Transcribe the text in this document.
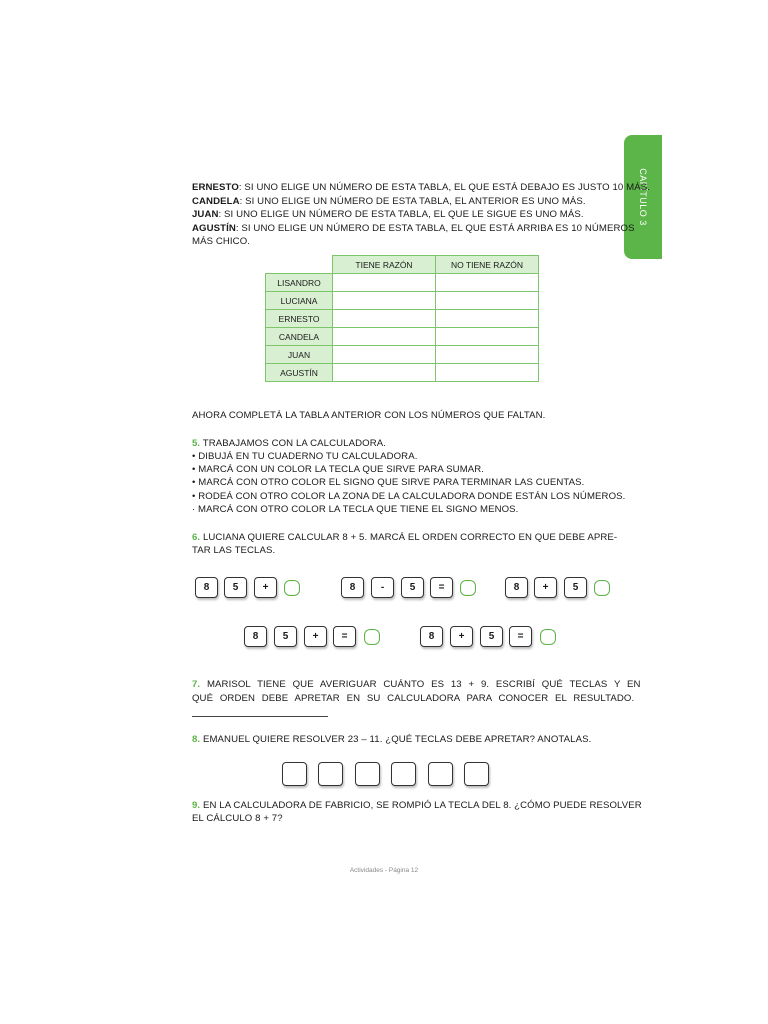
CAPÍTULO 3
ERNESTO: SI UNO ELIGE UN NÚMERO DE ESTA TABLA, EL QUE ESTÁ DEBAJO ES JUSTO 10 MÁS.
CANDELA: SI UNO ELIGE UN NÚMERO DE ESTA TABLA, EL ANTERIOR ES UNO MÁS.
JUAN: SI UNO ELIGE UN NÚMERO DE ESTA TABLA, EL QUE LE SIGUE ES UNO MÁS.
AGUSTÍN: SI UNO ELIGE UN NÚMERO DE ESTA TABLA, EL QUE ESTÁ ARRIBA ES 10 NÚMEROS
MÁS CHICO.
	TIENE RAZÓN	NO TIENE RAZÓN
LISANDRO		
LUCIANA		
ERNESTO		
CANDELA		
JUAN		
AGUSTÍN		
AHORA COMPLETÁ LA TABLA ANTERIOR CON LOS NÚMEROS QUE FALTAN.
5. TRABAJAMOS CON LA CALCULADORA.
• DIBUJÁ EN TU CUADERNO TU CALCULADORA.
• MARCÁ CON UN COLOR LA TECLA QUE SIRVE PARA SUMAR.
• MARCÁ CON OTRO COLOR EL SIGNO QUE SIRVE PARA TERMINAR LAS CUENTAS.
• RODEÁ CON OTRO COLOR LA ZONA DE LA CALCULADORA DONDE ESTÁN LOS NÚMEROS.
· MARCÁ CON OTRO COLOR LA TECLA QUE TIENE EL SIGNO MENOS.
6. LUCIANA QUIERE CALCULAR 8 + 5. MARCÁ EL ORDEN CORRECTO EN QUE DEBE APRE-
TAR LAS TECLAS.
8	5	+	8	-	5	=	8	+	5
8	5	+	=	8	+	5	=
7. MARISOL TIENE QUE AVERIGUAR CUÁNTO ES 13 + 9. ESCRIBÍ QUÉ TECLAS Y EN
QUÉ ORDEN DEBE APRETAR EN SU CALCULADORA PARA CONOCER EL RESULTADO.
8. EMANUEL QUIERE RESOLVER 23 – 11. ¿QUÉ TECLAS DEBE APRETAR? ANOTALAS.
9. EN LA CALCULADORA DE FABRICIO, SE ROMPIÓ LA TECLA DEL 8. ¿CÓMO PUEDE RESOLVER
EL CÁLCULO 8 + 7?
Actividades - Página 12
